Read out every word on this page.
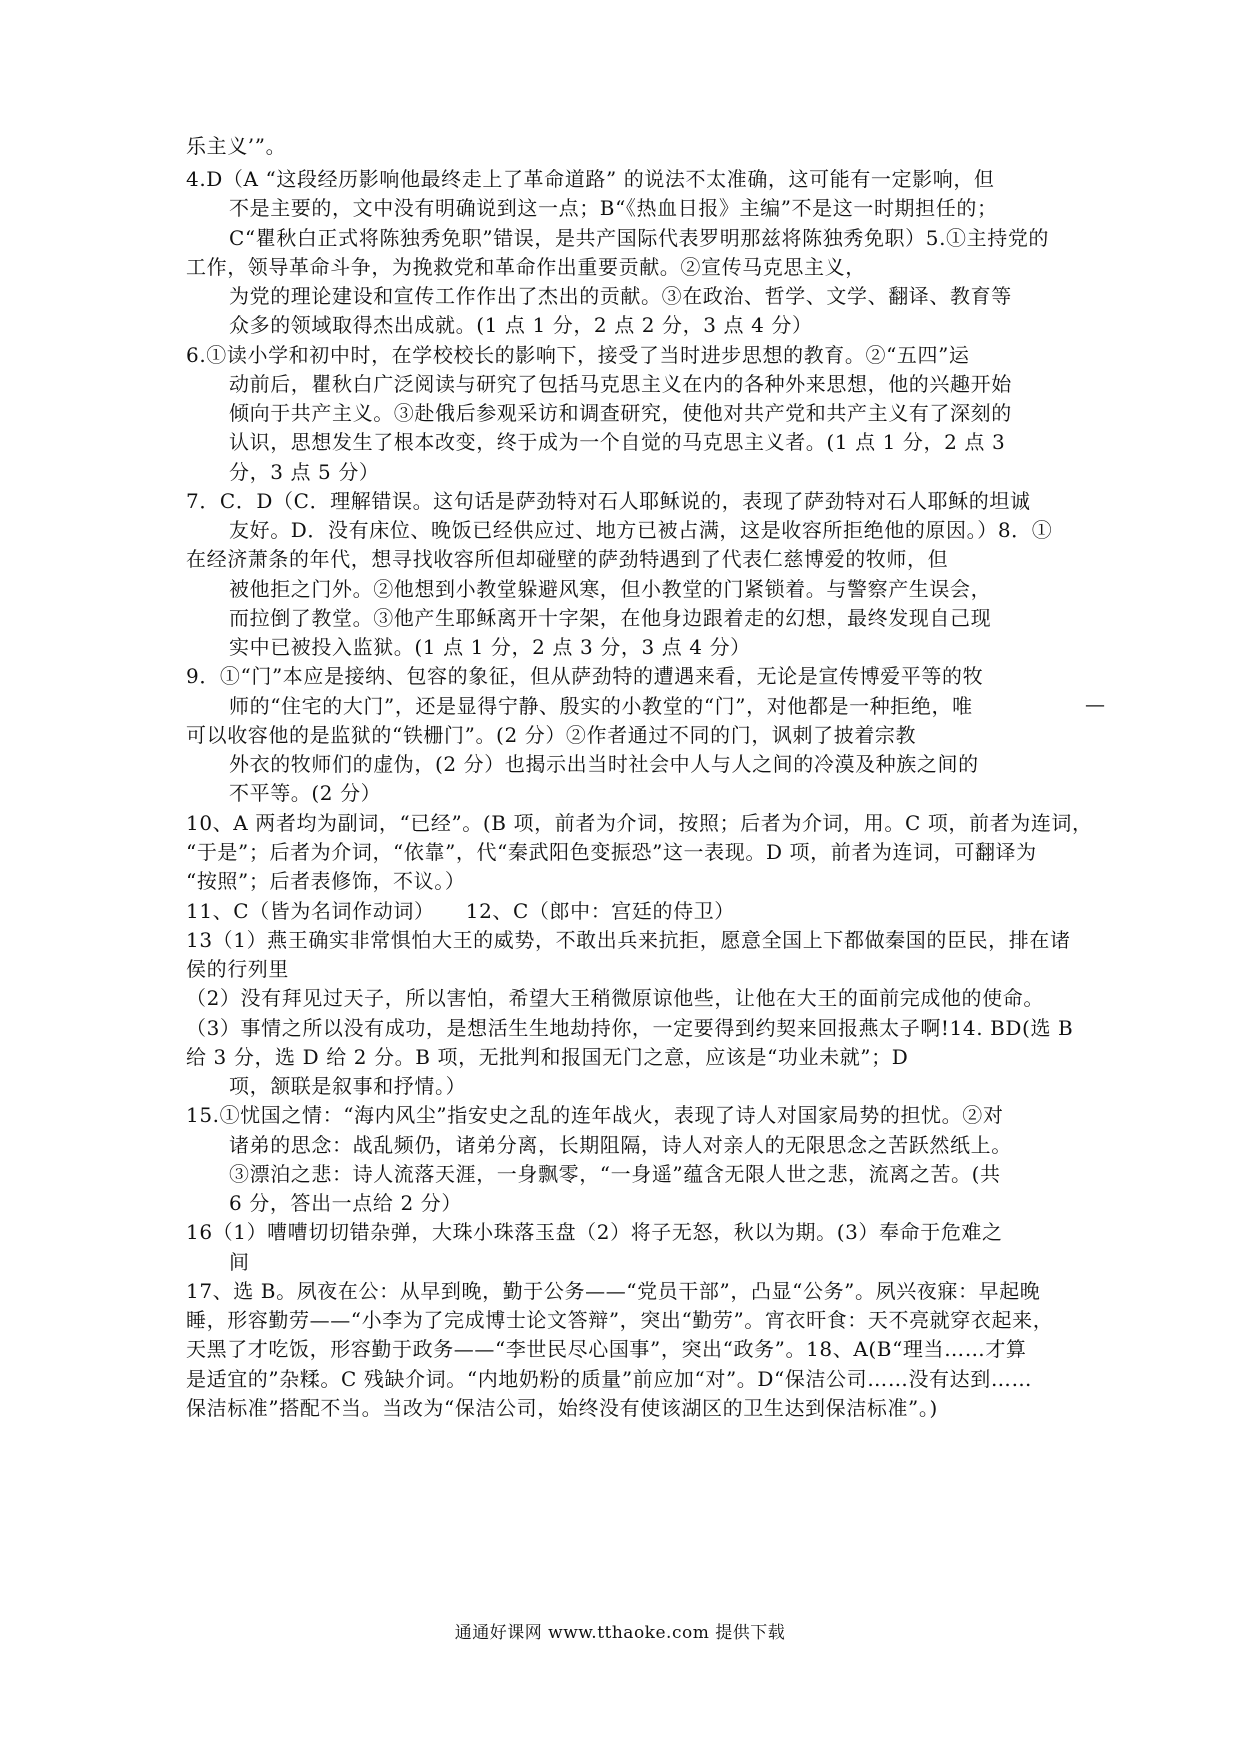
乐主义’”。
4.D（A “这段经历影响他最终走上了革命道路” 的说法不太准确，这可能有一定影响，但
不是主要的，文中没有明确说到这一点；B“《热血日报》主编”不是这一时期担任的；
C“瞿秋白正式将陈独秀免职”错误，是共产国际代表罗明那兹将陈独秀免职）5.①主持党的
工作，领导革命斗争，为挽救党和革命作出重要贡献。②宣传马克思主义，
为党的理论建设和宣传工作作出了杰出的贡献。③在政治、哲学、文学、翻译、教育等
众多的领域取得杰出成就。(1 点 1 分，2 点 2 分，3 点 4 分）
6.①读小学和初中时，在学校校长的影响下，接受了当时进步思想的教育。②“五四”运
动前后，瞿秋白广泛阅读与研究了包括马克思主义在内的各种外来思想，他的兴趣开始
倾向于共产主义。③赴俄后参观采访和调查研究，使他对共产党和共产主义有了深刻的
认识，思想发生了根本改变，终于成为一个自觉的马克思主义者。(1 点 1 分，2 点 3
分，3 点 5 分）
7．C．D（C．理解错误。这句话是萨劲特对石人耶稣说的，表现了萨劲特对石人耶稣的坦诚
友好。D．没有床位、晚饭已经供应过、地方已被占满，这是收容所拒绝他的原因。）8．①
在经济萧条的年代，想寻找收容所但却碰壁的萨劲特遇到了代表仁慈博爱的牧师，但
被他拒之门外。②他想到小教堂躲避风寒，但小教堂的门紧锁着。与警察产生误会，
而拉倒了教堂。③他产生耶稣离开十字架，在他身边跟着走的幻想，最终发现自己现
实中已被投入监狱。(1 点 1 分，2 点 3 分，3 点 4 分）
9．①“门”本应是接纳、包容的象征，但从萨劲特的遭遇来看，无论是宣传博爱平等的牧
师的“住宅的大门”，还是显得宁静、殷实的小教堂的“门”，对他都是一种拒绝，唯	—
可以收容他的是监狱的“铁栅门”。(2 分）②作者通过不同的门，讽刺了披着宗教
外衣的牧师们的虚伪，(2 分）也揭示出当时社会中人与人之间的冷漠及种族之间的
不平等。(2 分）
10、A 两者均为副词，“已经”。(B 项，前者为介词，按照；后者为介词，用。C 项，前者为连词，
“于是”；后者为介词，“依靠”，代“秦武阳色变振恐”这一表现。D 项，前者为连词，可翻译为
“按照”；后者表修饰，不议。）
11、C（皆为名词作动词）　　12、C（郎中：宫廷的侍卫）
13（1）燕王确实非常惧怕大王的威势，不敢出兵来抗拒，愿意全国上下都做秦国的臣民，排在诸
侯的行列里
（2）没有拜见过天子，所以害怕，希望大王稍微原谅他些，让他在大王的面前完成他的使命。
（3）事情之所以没有成功，是想活生生地劫持你，一定要得到约契来回报燕太子啊!14. BD(选 B
给 3 分，选 D 给 2 分。B 项，无批判和报国无门之意，应该是“功业未就”；D
项，颔联是叙事和抒情。）
15.①忧国之情：“海内风尘”指安史之乱的连年战火，表现了诗人对国家局势的担忧。②对
诸弟的思念：战乱频仍，诸弟分离，长期阻隔，诗人对亲人的无限思念之苦跃然纸上。
③漂泊之悲：诗人流落天涯，一身飘零，“一身遥”蕴含无限人世之悲，流离之苦。(共
6 分，答出一点给 2 分）
16（1）嘈嘈切切错杂弹，大珠小珠落玉盘（2）将子无怒，秋以为期。(3）奉命于危难之
间
17、选 B。夙夜在公：从早到晚，勤于公务——“党员干部”，凸显“公务”。夙兴夜寐：早起晚
睡，形容勤劳——“小李为了完成博士论文答辩”，突出“勤劳”。宵衣旰食：天不亮就穿衣起来，
天黑了才吃饭，形容勤于政务——“李世民尽心国事”，突出“政务”。18、A(B“理当……才算
是适宜的”杂糅。C 残缺介词。“内地奶粉的质量”前应加“对”。D“保洁公司……没有达到……
保洁标准”搭配不当。当改为“保洁公司，始终没有使该湖区的卫生达到保洁标准”。)
通通好课网 www.tthaoke.com 提供下载
